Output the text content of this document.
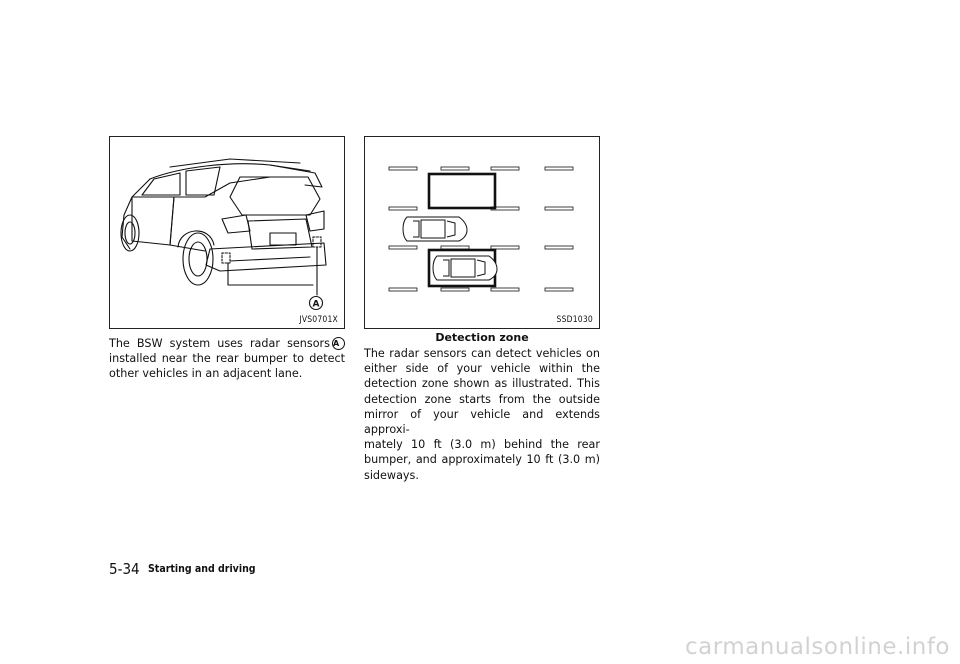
A
JVS0701X	SSD1030
Detection zone
The BSW system uses radar sensors A
installed near the rear bumper to detect
other vehicles in an adjacent lane.
The radar sensors can detect vehicles on
either side of your vehicle within the
detection zone shown as illustrated. This
detection zone starts from the outside
mirror of your vehicle and extends approxi-
mately 10 ft (3.0 m) behind the rear
bumper, and approximately 10 ft (3.0 m)
sideways.
5-34 Starting and driving
carmanualsonline.info
